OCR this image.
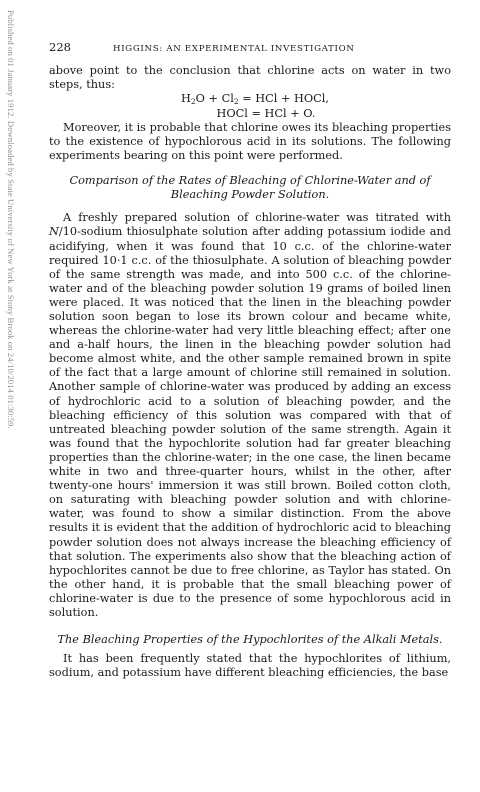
Published on 01 January 1912. Downloaded by State University of New York at Stony Brook on 24/10/2014 01:30:59.	228	HIGGINS: AN EXPERIMENTAL INVESTIGATION

above point to the conclusion that chlorine acts on water in two steps, thus:

$H_2O + Cl_2$ = HCl + HOCl,
HOCl = HCl + O.

Moreover, it is probable that chlorine owes its bleaching properties to the existence of hypochlorous acid in its solutions. The following experiments bearing on this point were performed.

Comparison of the Rates of Bleaching of Chlorine-Water and of Bleaching Powder Solution.

A freshly prepared solution of chlorine-water was titrated with N/10-sodium thiosulphate solution after adding potassium iodide and acidifying, when it was found that 10 c.c. of the chlorine-water required 10·1 c.c. of the thiosulphate. A solution of bleaching powder of the same strength was made, and into 500 c.c. of the chlorine-water and of the bleaching powder solution 19 grams of boiled linen were placed. It was noticed that the linen in the bleaching powder solution soon began to lose its brown colour and became white, whereas the chlorine-water had very little bleaching effect; after one and a-half hours, the linen in the bleaching powder solution had become almost white, and the other sample remained brown in spite of the fact that a large amount of chlorine still remained in solution. Another sample of chlorine-water was produced by adding an excess of hydrochloric acid to a solution of bleaching powder, and the bleaching efficiency of this solution was compared with that of untreated bleaching powder solution of the same strength. Again it was found that the hypochlorite solution had far greater bleaching properties than the chlorine-water; in the one case, the linen became white in two and three-quarter hours, whilst in the other, after twenty-one hours' immersion it was still brown. Boiled cotton cloth, on saturating with bleaching powder solution and with chlorine-water, was found to show a similar distinction. From the above results it is evident that the addition of hydrochloric acid to bleaching powder solution does not always increase the bleaching efficiency of that solution. The experiments also show that the bleaching action of hypochlorites cannot be due to free chlorine, as Taylor has stated. On the other hand, it is probable that the small bleaching power of chlorine-water is due to the presence of some hypochlorous acid in solution.

The Bleaching Properties of the Hypochlorites of the Alkali Metals.

It has been frequently stated that the hypochlorites of lithium, sodium, and potassium have different bleaching efficiencies, the base
